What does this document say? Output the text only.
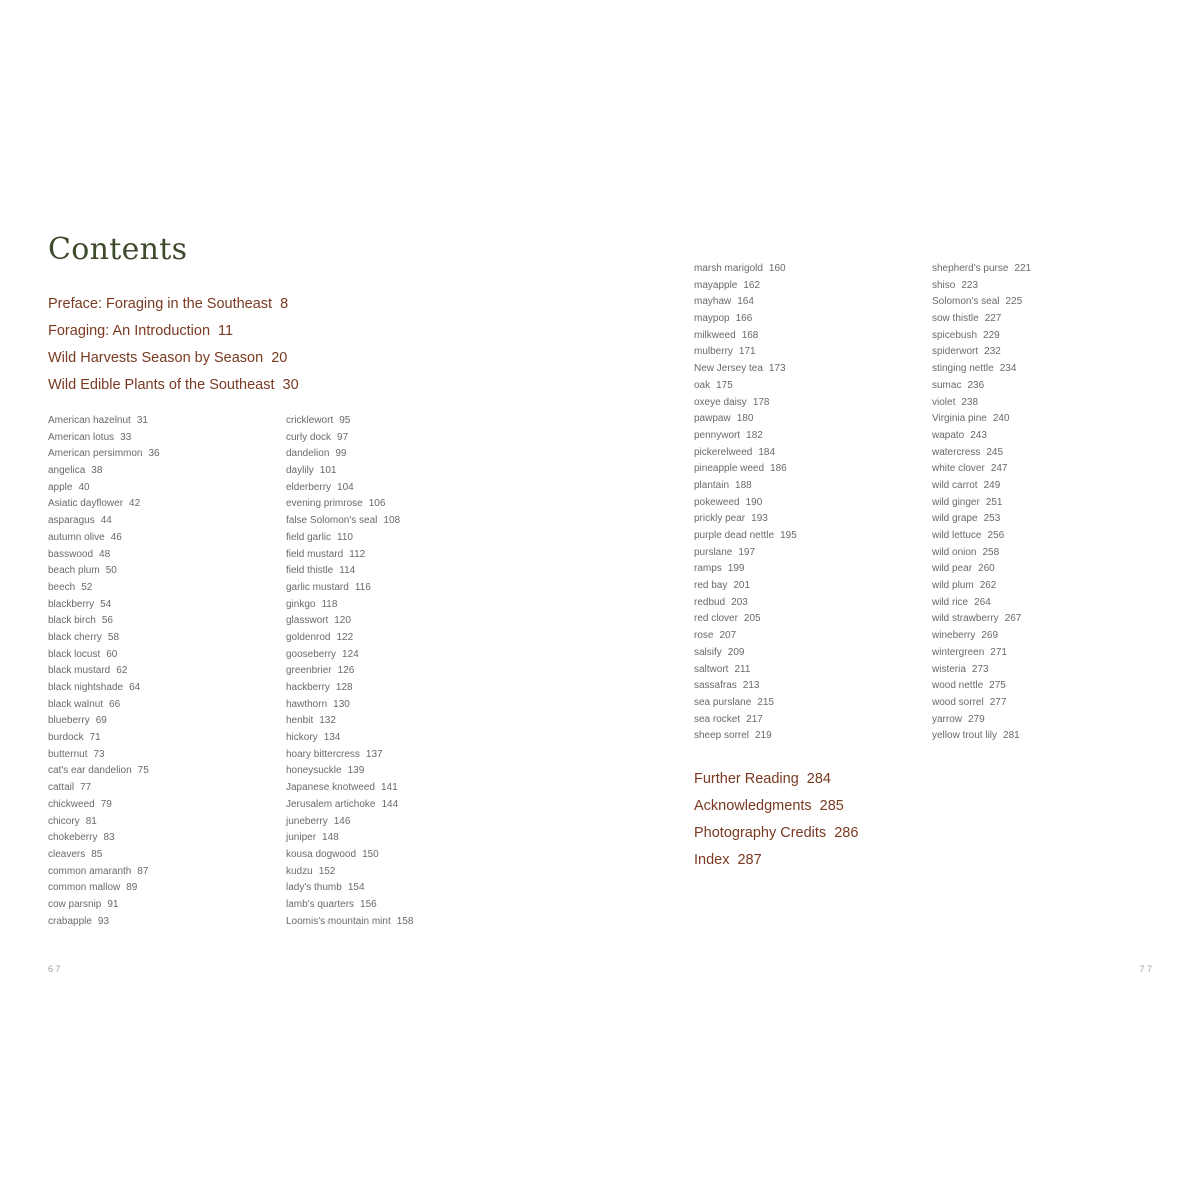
Contents
Preface: Foraging in the Southeast 8
Foraging: An Introduction 11
Wild Harvests Season by Season 20
Wild Edible Plants of the Southeast 30
American hazelnut 31
American lotus 33
American persimmon 36
angelica 38
apple 40
Asiatic dayflower 42
asparagus 44
autumn olive 46
basswood 48
beach plum 50
beech 52
blackberry 54
black birch 56
black cherry 58
black locust 60
black mustard 62
black nightshade 64
black walnut 66
blueberry 69
burdock 71
butternut 73
cat's ear dandelion 75
cattail 77
chickweed 79
chicory 81
chokeberry 83
cleavers 85
common amaranth 87
common mallow 89
cow parsnip 91
crabapple 93
cricklewort 95
curly dock 97
dandelion 99
daylily 101
elderberry 104
evening primrose 106
false Solomon's seal 108
field garlic 110
field mustard 112
field thistle 114
garlic mustard 116
ginkgo 118
glasswort 120
goldenrod 122
gooseberry 124
greenbrier 126
hackberry 128
hawthorn 130
henbit 132
hickory 134
hoary bittercress 137
honeysuckle 139
Japanese knotweed 141
Jerusalem artichoke 144
juneberry 146
juniper 148
kousa dogwood 150
kudzu 152
lady's thumb 154
lamb's quarters 156
Loomis's mountain mint 158
6 7
marsh marigold 160
mayapple 162
mayhaw 164
maypop 166
milkweed 168
mulberry 171
New Jersey tea 173
oak 175
oxeye daisy 178
pawpaw 180
pennywort 182
pickerelweed 184
pineapple weed 186
plantain 188
pokeweed 190
prickly pear 193
purple dead nettle 195
purslane 197
ramps 199
red bay 201
redbud 203
red clover 205
rose 207
salsify 209
saltwort 211
sassafras 213
sea purslane 215
sea rocket 217
sheep sorrel 219
shepherd's purse 221
shiso 223
Solomon's seal 225
sow thistle 227
spicebush 229
spiderwort 232
stinging nettle 234
sumac 236
violet 238
Virginia pine 240
wapato 243
watercress 245
white clover 247
wild carrot 249
wild ginger 251
wild grape 253
wild lettuce 256
wild onion 258
wild pear 260
wild plum 262
wild rice 264
wild strawberry 267
wineberry 269
wintergreen 271
wisteria 273
wood nettle 275
wood sorrel 277
yarrow 279
yellow trout lily 281
Further Reading 284
Acknowledgments 285
Photography Credits 286
Index 287
7 7
